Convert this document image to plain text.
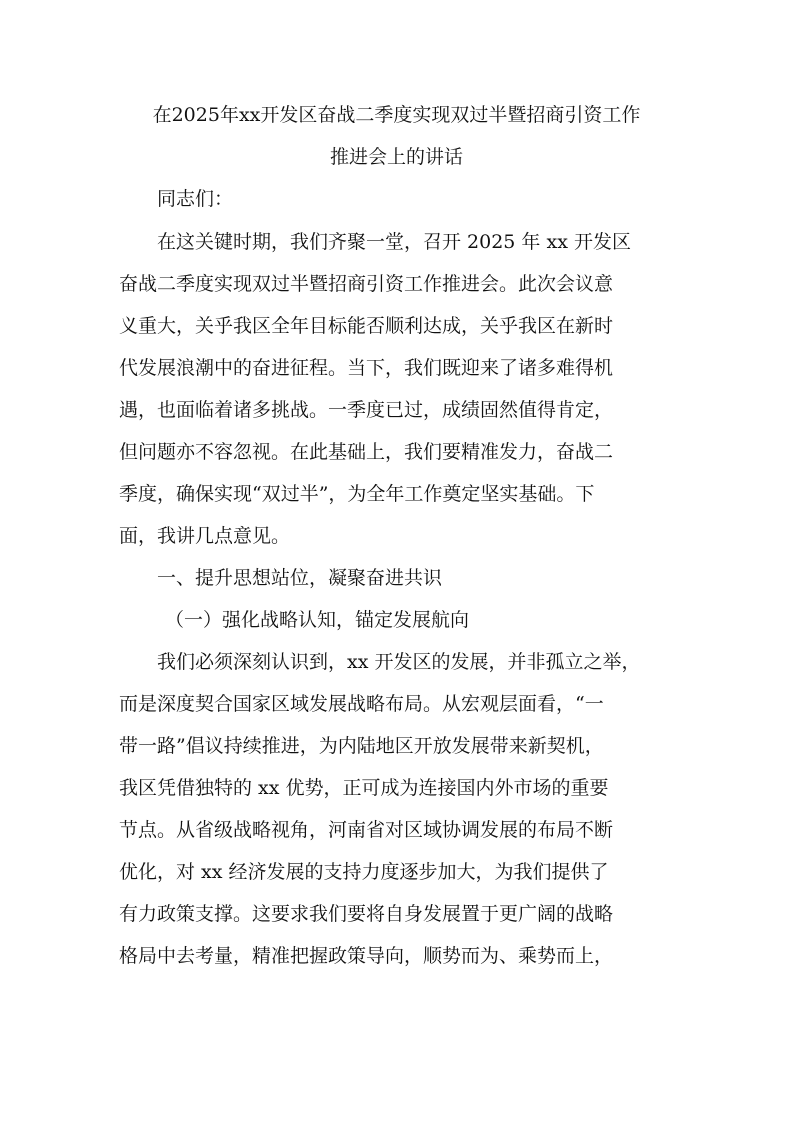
在2025年xx开发区奋战二季度实现双过半暨招商引资工作
推进会上的讲话
同志们：
在这关键时期，我们齐聚一堂，召开 2025 年 xx 开发区
奋战二季度实现双过半暨招商引资工作推进会。此次会议意
义重大，关乎我区全年目标能否顺利达成，关乎我区在新时
代发展浪潮中的奋进征程。当下，我们既迎来了诸多难得机
遇，也面临着诸多挑战。一季度已过，成绩固然值得肯定，
但问题亦不容忽视。在此基础上，我们要精准发力，奋战二
季度，确保实现“双过半”，为全年工作奠定坚实基础。下
面，我讲几点意见。
一、提升思想站位，凝聚奋进共识
（一）强化战略认知，锚定发展航向
我们必须深刻认识到，xx 开发区的发展，并非孤立之举，
而是深度契合国家区域发展战略布局。从宏观层面看，“一
带一路”倡议持续推进，为内陆地区开放发展带来新契机，
我区凭借独特的 xx 优势，正可成为连接国内外市场的重要
节点。从省级战略视角，河南省对区域协调发展的布局不断
优化，对 xx 经济发展的支持力度逐步加大，为我们提供了
有力政策支撑。这要求我们要将自身发展置于更广阔的战略
格局中去考量，精准把握政策导向，顺势而为、乘势而上，
